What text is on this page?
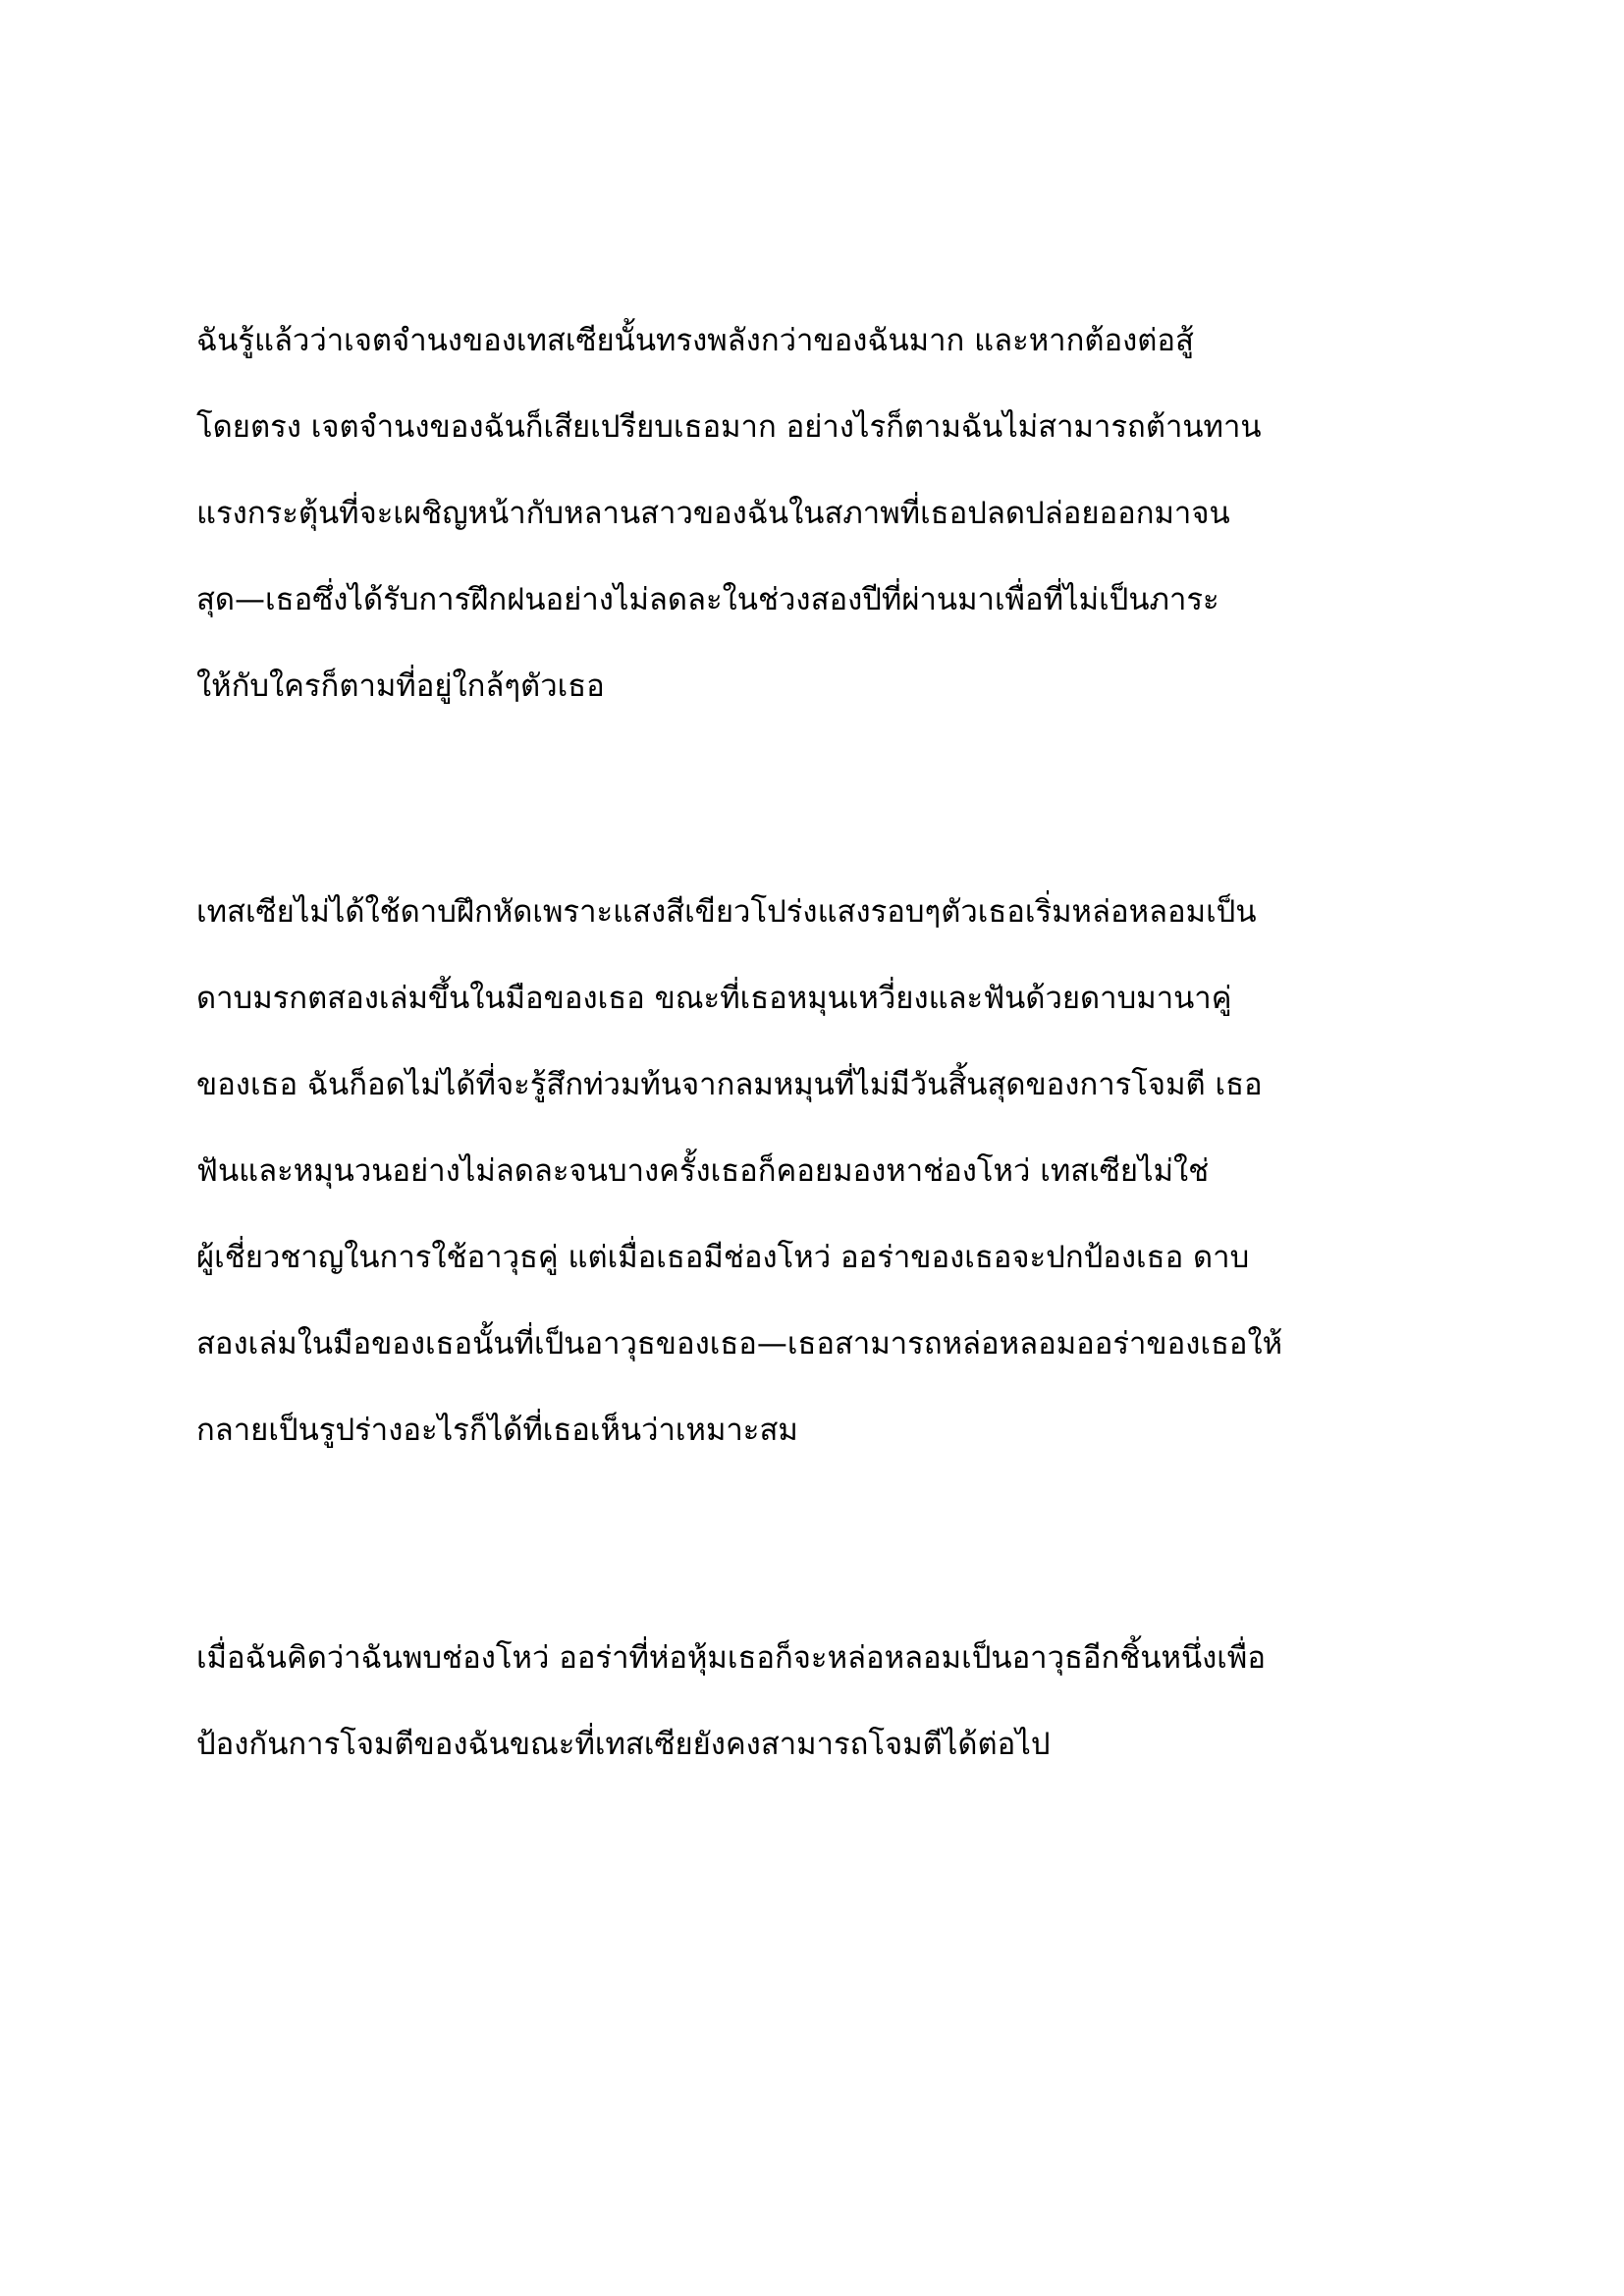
ฉันรู้แล้วว่าเจตจำนงของเทสเซียนั้นทรงพลังกว่าของฉันมาก และหากต้องต่อสู้
โดยตรง เจตจำนงของฉันก็เสียเปรียบเธอมาก อย่างไรก็ตามฉันไม่สามารถต้านทาน
แรงกระตุ้นที่จะเผชิญหน้ากับหลานสาวของฉันในสภาพที่เธอปลดปล่อยออกมาจน
สุด—เธอซึ่งได้รับการฝึกฝนอย่างไม่ลดละในช่วงสองปีที่ผ่านมาเพื่อที่ไม่เป็นภาระ
ให้กับใครก็ตามที่อยู่ใกล้ๆตัวเธอ

เทสเซียไม่ได้ใช้ดาบฝึกหัดเพราะแสงสีเขียวโปร่งแสงรอบๆตัวเธอเริ่มหล่อหลอมเป็น
ดาบมรกตสองเล่มขึ้นในมือของเธอ ขณะที่เธอหมุนเหวี่ยงและฟันด้วยดาบมานาคู่
ของเธอ ฉันก็อดไม่ได้ที่จะรู้สึกท่วมท้นจากลมหมุนที่ไม่มีวันสิ้นสุดของการโจมตี เธอ
ฟันและหมุนวนอย่างไม่ลดละจนบางครั้งเธอก็คอยมองหาช่องโหว่ เทสเซียไม่ใช่
ผู้เชี่ยวชาญในการใช้อาวุธคู่ แต่เมื่อเธอมีช่องโหว่ ออร่าของเธอจะปกป้องเธอ ดาบ
สองเล่มในมือของเธอนั้นที่เป็นอาวุธของเธอ—เธอสามารถหล่อหลอมออร่าของเธอให้
กลายเป็นรูปร่างอะไรก็ได้ที่เธอเห็นว่าเหมาะสม

เมื่อฉันคิดว่าฉันพบช่องโหว่ ออร่าที่ห่อหุ้มเธอก็จะหล่อหลอมเป็นอาวุธอีกชิ้นหนึ่งเพื่อ
ป้องกันการโจมตีของฉันขณะที่เทสเซียยังคงสามารถโจมตีได้ต่อไป
